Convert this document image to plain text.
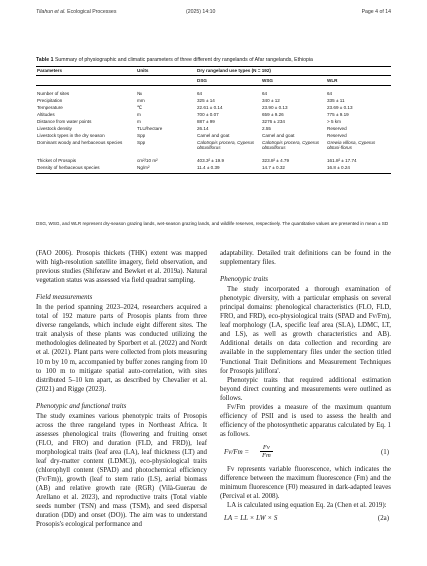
Tilahun et al. Ecological Processes	(2025) 14:10	Page 4 of 14
Table 1 Summary of physiographic and climatic parameters of three different dry rangelands of Afar rangelands, Ethiopia
Parameters	Units	Dry rangeland use types (N = 192)		
		DSG	WSG	WLR

Number of sites	№	64	64	64
Precipitation	mm	325 ± 14	340 ± 12	335 ± 11
Temperature	℃	22.61 ± 0.14	23.90 ± 0.13	23.69 ± 0.13
Altitudes	m	700 ± 0.07	659 ± 9.26	775 ± 9.19
Distance from water points	m	887 ± 99	3276 ± 234	> 5 km
Livestock density	TLU/hectare	26.14	2.55	Reserved
Livestock types in the dry season	Spp	Camel and goat	Camel and goat	Reserved
Dominant woody and herbaceous species	Spp	Calotropis procera, Cyperus obtusiflorus	Calotropis procera, Cyperus obtusiflorus	Grewia villosa, Cyperus obtusi-florus
Thicket of Prosopis	cm²/10 m²	403.3² ± 19.9	323.8² ± 4.79	161.8² ± 17.74
Density of herbaceous species	Ng/m²	11.4 ± 0.39	14.7 ± 0.32	16.8 ± 0.24
DSG, WSG, and WLR represent dry-season grazing lands, wet-season grazing lands, and wildlife reserves, respectively. The quantitative values are presented in mean ± SD

(FAO 2006). Prosopis thickets (THK) extent was mapped with high-resolution satellite imagery, field observation, and previous studies (Shiferaw and Bewket et al. 2019a). Natural vegetation status was assessed via field quadrat sampling.

Field measurements

In the period spanning 2023–2024, researchers acquired a total of 192 mature parts of Prosopis plants from three diverse rangelands, which include eight different sites. The trait analysis of these plants was conducted utilizing the methodologies delineated by Sporbert et al. (2022) and Nordt et al. (2021). Plant parts were collected from plots measuring 10 m by 10 m, accompanied by buffer zones ranging from 10 to 100 m to mitigate spatial auto-correlation, with sites distributed 5–10 km apart, as described by Chevalier et al. (2021) and Rigge (2023).

Phenotypic and functional traits

The study examines various phenotypic traits of Prosopis across the three rangeland types in Northeast Africa. It assesses phenological traits (flowering and fruiting onset (FLO, and FRO) and duration (FLD, and FRD)), leaf morphological traits (leaf area (LA), leaf thickness (LT) and leaf dry-matter content (LDMC)), eco-physiological traits (chlorophyll content (SPAD) and photochemical efficiency (Fv/Fm)), growth (leaf to stem ratio (LS), aerial biomass (AB) and relative growth rate (RGR) (Vilà-Guerau de Arellano et al. 2023), and reproductive traits (Total viable seeds number (TSN) and mass (TSM), and seed dispersal duration (DD) and onset (DO)). The aim was to understand Prosopis's ecological performance and

adaptability. Detailed trait definitions can be found in the supplementary files.

Phenotypic traits

The study incorporated a thorough examination of phenotypic diversity, with a particular emphasis on several principal domains: phenological characteristics (FLO, FLD, FRO, and FRD), eco-physiological traits (SPAD and Fv/Fm), leaf morphology (LA, specific leaf area (SLA), LDMC, LT, and LS), as well as growth characteristics and AB). Additional details on data collection and recording are available in the supplementary files under the section titled 'Functional Trait Definitions and Measurement Techniques for Prosopis juliflora'.

Phenotypic traits that required additional estimation beyond direct counting and measurements were outlined as follows.

Fv/Fm provides a measure of the maximum quantum efficiency of PSII and is used to assess the health and efficiency of the photosynthetic apparatus calculated by Eq. 1 as follows.

$Fv/Fm = \frac{Fv}{Fm}$	(1)

Fv represents variable fluorescence, which indicates the difference between the maximum fluorescence (Fm) and the minimum fluorescence (F0) measured in dark-adapted leaves (Percival et al. 2008).

LA is calculated using equation Eq. 2a (Chen et al. 2019):

LA = LL × LW × S	(2a)
